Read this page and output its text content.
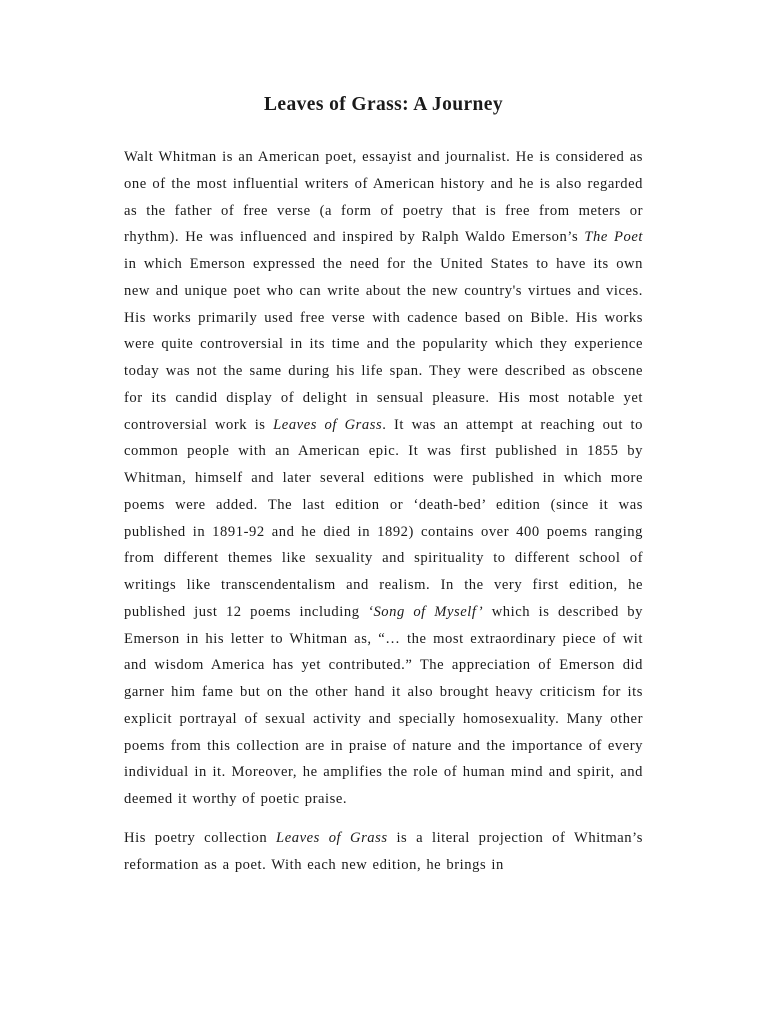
Leaves of Grass: A Journey

Walt Whitman is an American poet, essayist and journalist. He is considered as one of the most influential writers of American history and he is also regarded as the father of free verse (a form of poetry that is free from meters or rhythm). He was influenced and inspired by Ralph Waldo Emerson’s The Poet in which Emerson expressed the need for the United States to have its own new and unique poet who can write about the new country's virtues and vices. His works primarily used free verse with cadence based on Bible. His works were quite controversial in its time and the popularity which they experience today was not the same during his life span. They were described as obscene for its candid display of delight in sensual pleasure. His most notable yet controversial work is Leaves of Grass. It was an attempt at reaching out to common people with an American epic. It was first published in 1855 by Whitman, himself and later several editions were published in which more poems were added. The last edition or ‘death-bed’ edition (since it was published in 1891-92 and he died in 1892) contains over 400 poems ranging from different themes like sexuality and spirituality to different school of writings like transcendentalism and realism. In the very first edition, he published just 12 poems including ‘Song of Myself’ which is described by Emerson in his letter to Whitman as, “… the most extraordinary piece of wit and wisdom America has yet contributed.” The appreciation of Emerson did garner him fame but on the other hand it also brought heavy criticism for its explicit portrayal of sexual activity and specially homosexuality. Many other poems from this collection are in praise of nature and the importance of every individual in it. Moreover, he amplifies the role of human mind and spirit, and deemed it worthy of poetic praise.

His poetry collection Leaves of Grass is a literal projection of Whitman’s reformation as a poet. With each new edition, he brings in
